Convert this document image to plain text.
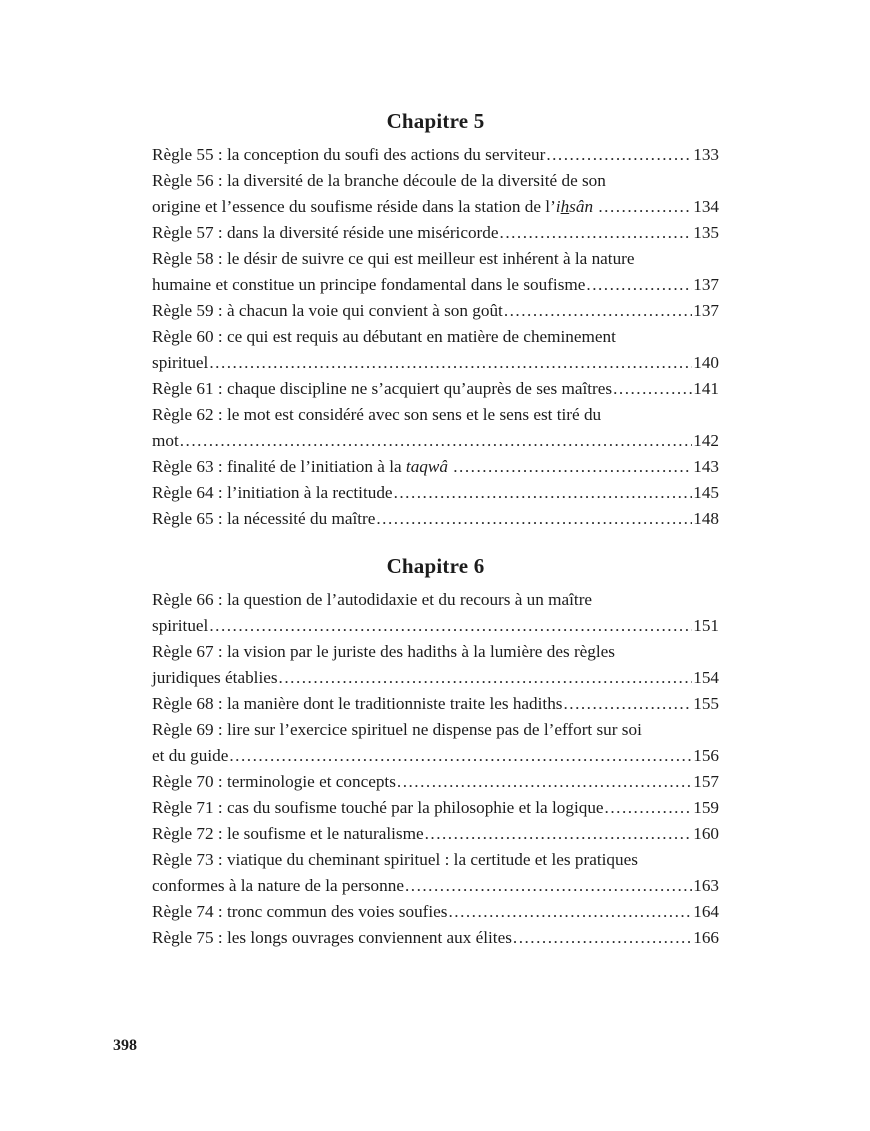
Chapitre 5
Règle 55 : la conception du soufi des actions du serviteur .....	133
Règle 56 : la diversité de la branche découle de la diversité de son
origine et l’essence du soufisme réside dans la station de l’ihsân .....	134
Règle 57 : dans la diversité réside une miséricorde .....	135
Règle 58 : le désir de suivre ce qui est meilleur est inhérent à la nature
humaine et constitue un principe fondamental dans le soufisme .....	137
Règle 59 : à chacun la voie qui convient à son goût .....	137
Règle 60 : ce qui est requis au débutant en matière de cheminement
spirituel .....	140
Règle 61 : chaque discipline ne s’acquiert qu’auprès de ses maîtres .....	141
Règle 62 : le mot est considéré avec son sens et le sens est tiré du
mot .....	142
Règle 63 : finalité de l’initiation à la taqwâ .....	143
Règle 64 : l’initiation à la rectitude .....	145
Règle 65 : la nécessité du maître .....	148
Chapitre 6
Règle 66 : la question de l’autodidaxie et du recours à un maître
spirituel .....	151
Règle 67 : la vision par le juriste des hadiths à la lumière des règles
juridiques établies .....	154
Règle 68 : la manière dont le traditionniste traite les hadiths .....	155
Règle 69 : lire sur l’exercice spirituel ne dispense pas de l’effort sur soi
et du guide .....	156
Règle 70 : terminologie et concepts .....	157
Règle 71 : cas du soufisme touché par la philosophie et la logique .....	159
Règle 72 : le soufisme et le naturalisme .....	160
Règle 73 : viatique du cheminant spirituel : la certitude et les pratiques
conformes à la nature de la personne .....	163
Règle 74 : tronc commun des voies soufies .....	164
Règle 75 : les longs ouvrages conviennent aux élites .....	166
398
